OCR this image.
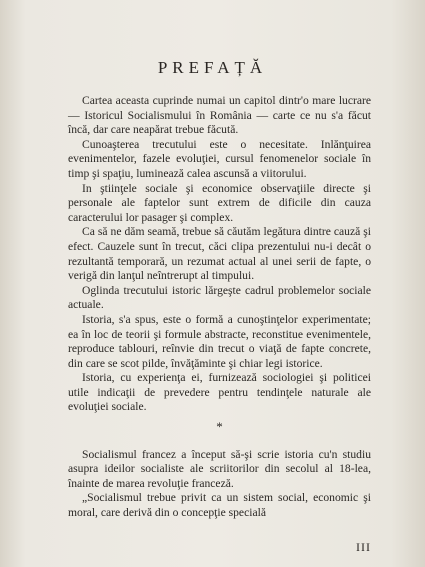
PREFAȚĂ

Cartea aceasta cuprinde numai un capitol dintr'o mare lucrare — Istoricul Socialismului în România — carte ce nu s'a făcut încă, dar care neapărat trebue făcută.

Cunoaşterea trecutului este o necesitate. Inlănţuirea evenimentelor, fazele evoluţiei, cursul fenomenelor sociale în timp şi spaţiu, luminează calea ascunsă a viitorului.

In ştiinţele sociale şi economice observaţiile directe şi personale ale faptelor sunt extrem de dificile din cauza caracterului lor pasager şi complex.

Ca să ne dăm seamă, trebue să căutăm legătura dintre cauză şi efect. Cauzele sunt în trecut, căci clipa prezentului nu-i decât o rezultantă temporară, un rezumat actual al unei serii de fapte, o verigă din lanţul neîntrerupt al timpului.

Oglinda trecutului istoric lărgeşte cadrul problemelor sociale actuale.

Istoria, s'a spus, este o formă a cunoştinţelor experimentate; ea în loc de teorii şi formule abstracte, reconstitue evenimentele, reproduce tablouri, reînvie din trecut o viaţă de fapte concrete, din care se scot pilde, învăţăminte şi chiar legi istorice.

Istoria, cu experienţa ei, furnizează sociologiei şi politicei utile indicaţii de prevedere pentru tendinţele naturale ale evoluţiei sociale.

*

Socialismul francez a început să-şi scrie istoria cu'n studiu asupra ideilor socialiste ale scriitorilor din secolul al 18-lea, înainte de marea revoluţie franceză.

„Socialismul trebue privit ca un sistem social, economic şi moral, care derivă din o concepţie specială

III
